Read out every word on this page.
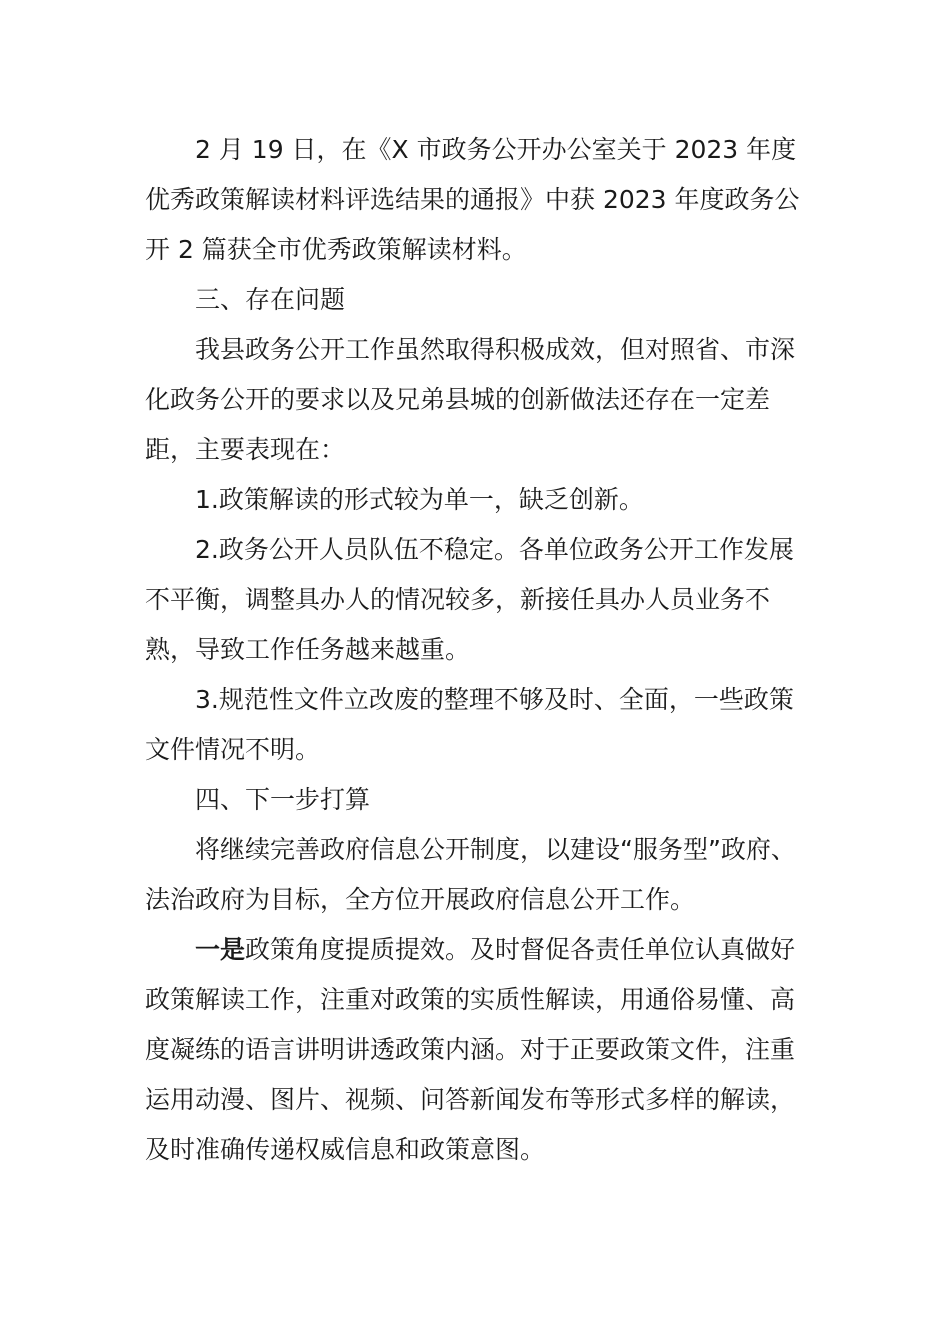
2 月 19 日，在《X 市政务公开办公室关于 2023 年度优秀政策解读材料评选结果的通报》中获 2023 年度政务公开 2 篇获全市优秀政策解读材料。

三、存在问题

我县政务公开工作虽然取得积极成效，但对照省、市深化政务公开的要求以及兄弟县城的创新做法还存在一定差距，主要表现在：

1.政策解读的形式较为单一，缺乏创新。

2.政务公开人员队伍不稳定。各单位政务公开工作发展不平衡，调整具办人的情况较多，新接任具办人员业务不熟，导致工作任务越来越重。

3.规范性文件立改废的整理不够及时、全面，一些政策文件情况不明。

四、下一步打算

将继续完善政府信息公开制度，以建设“服务型”政府、法治政府为目标，全方位开展政府信息公开工作。

一是政策角度提质提效。及时督促各责任单位认真做好政策解读工作，注重对政策的实质性解读，用通俗易懂、高度凝练的语言讲明讲透政策内涵。对于正要政策文件，注重运用动漫、图片、视频、问答新闻发布等形式多样的解读，及时准确传递权威信息和政策意图。
